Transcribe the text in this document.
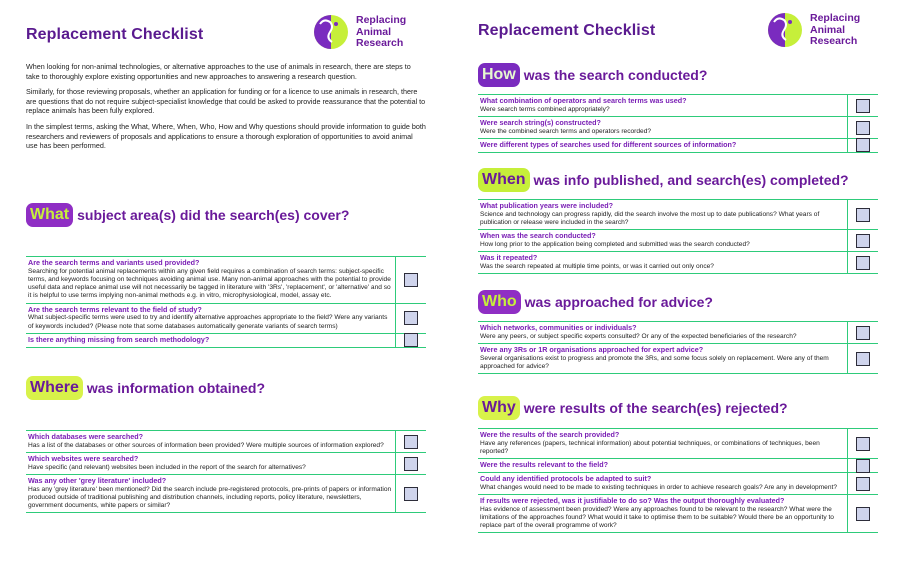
Replacement Checklist
Replacing
Animal
Research

When looking for non-animal technologies, or alternative approaches to the use of animals in research, there are steps to take to thoroughly explore existing opportunities and new approaches to answering a research question.

Similarly, for those reviewing proposals, whether an application for funding or for a licence to use animals in research, there are questions that do not require subject-specialist knowledge that could be asked to provide reassurance that the potential to replace animals has been fully explored.

In the simplest terms, asking the What, Where, When, Who, How and Why questions should provide information to guide both researchers and reviewers of proposals and applications to ensure a thorough exploration of opportunities to avoid animal use has been performed.

What subject area(s) did the search(es) cover?
Are the search terms and variants used provided?
Searching for potential animal replacements within any given field requires a combination of search terms: subject-specific terms, and keywords focusing on techniques avoiding animal use. Many non-animal approaches with the potential to provide useful data and replace animal use will not necessarily be tagged in literature with '3Rs', 'replacement', or 'alternative' and so it is helpful to use terms implying non-animal methods e.g. in vitro, microphysiological, model, assay etc.
Are the search terms relevant to the field of study?
What subject-specific terms were used to try and identify alternative approaches appropriate to the field? Were any variants of keywords included? (Please note that some databases automatically generate variants of search terms)
Is there anything missing from search methodology?
Where was information obtained?
Which databases were searched?
Has a list of the databases or other sources of information been provided? Were multiple sources of information explored?
Which websites were searched?
Have specific (and relevant) websites been included in the report of the search for alternatives?
Was any other 'grey literature' included?
Has any 'grey literature' been mentioned? Did the search include pre-registered protocols, pre-prints of papers or information produced outside of traditional publishing and distribution channels, including reports, policy literature, newsletters, government documents, white papers or similar?
Replacement Checklist
Replacing
Animal
Research
How was the search conducted?
What combination of operators and search terms was used?
Were search terms combined appropriately?
Were search string(s) constructed?
Were the combined search terms and operators recorded?
Were different types of searches used for different sources of information?
When was info published, and search(es) completed?
What publication years were included?
Science and technology can progress rapidly, did the search involve the most up to date publications? What years of publication or release were included in the search?
When was the search conducted?
How long prior to the application being completed and submitted was the search conducted?
Was it repeated?
Was the search repeated at multiple time points, or was it carried out only once?
Who was approached for advice?
Which networks, communities or individuals?
Were any peers, or subject specific experts consulted? Or any of the expected beneficiaries of the research?
Were any 3Rs or 1R organisations approached for expert advice?
Several organisations exist to progress and promote the 3Rs, and some focus solely on replacement. Were any of them approached for advice?
Why were results of the search(es) rejected?
Were the results of the search provided?
Have any references (papers, technical information) about potential techniques, or combinations of techniques, been reported?
Were the results relevant to the field?
Could any identified protocols be adapted to suit?
What changes would need to be made to existing techniques in order to achieve research goals? Are any in development?
If results were rejected, was it justifiable to do so? Was the output thoroughly evaluated?
Has evidence of assessment been provided? Were any approaches found to be relevant to the research? What were the limitations of the approaches found? What would it take to optimise them to be suitable? Would there be an opportunity to replace part of the overall programme of work?
